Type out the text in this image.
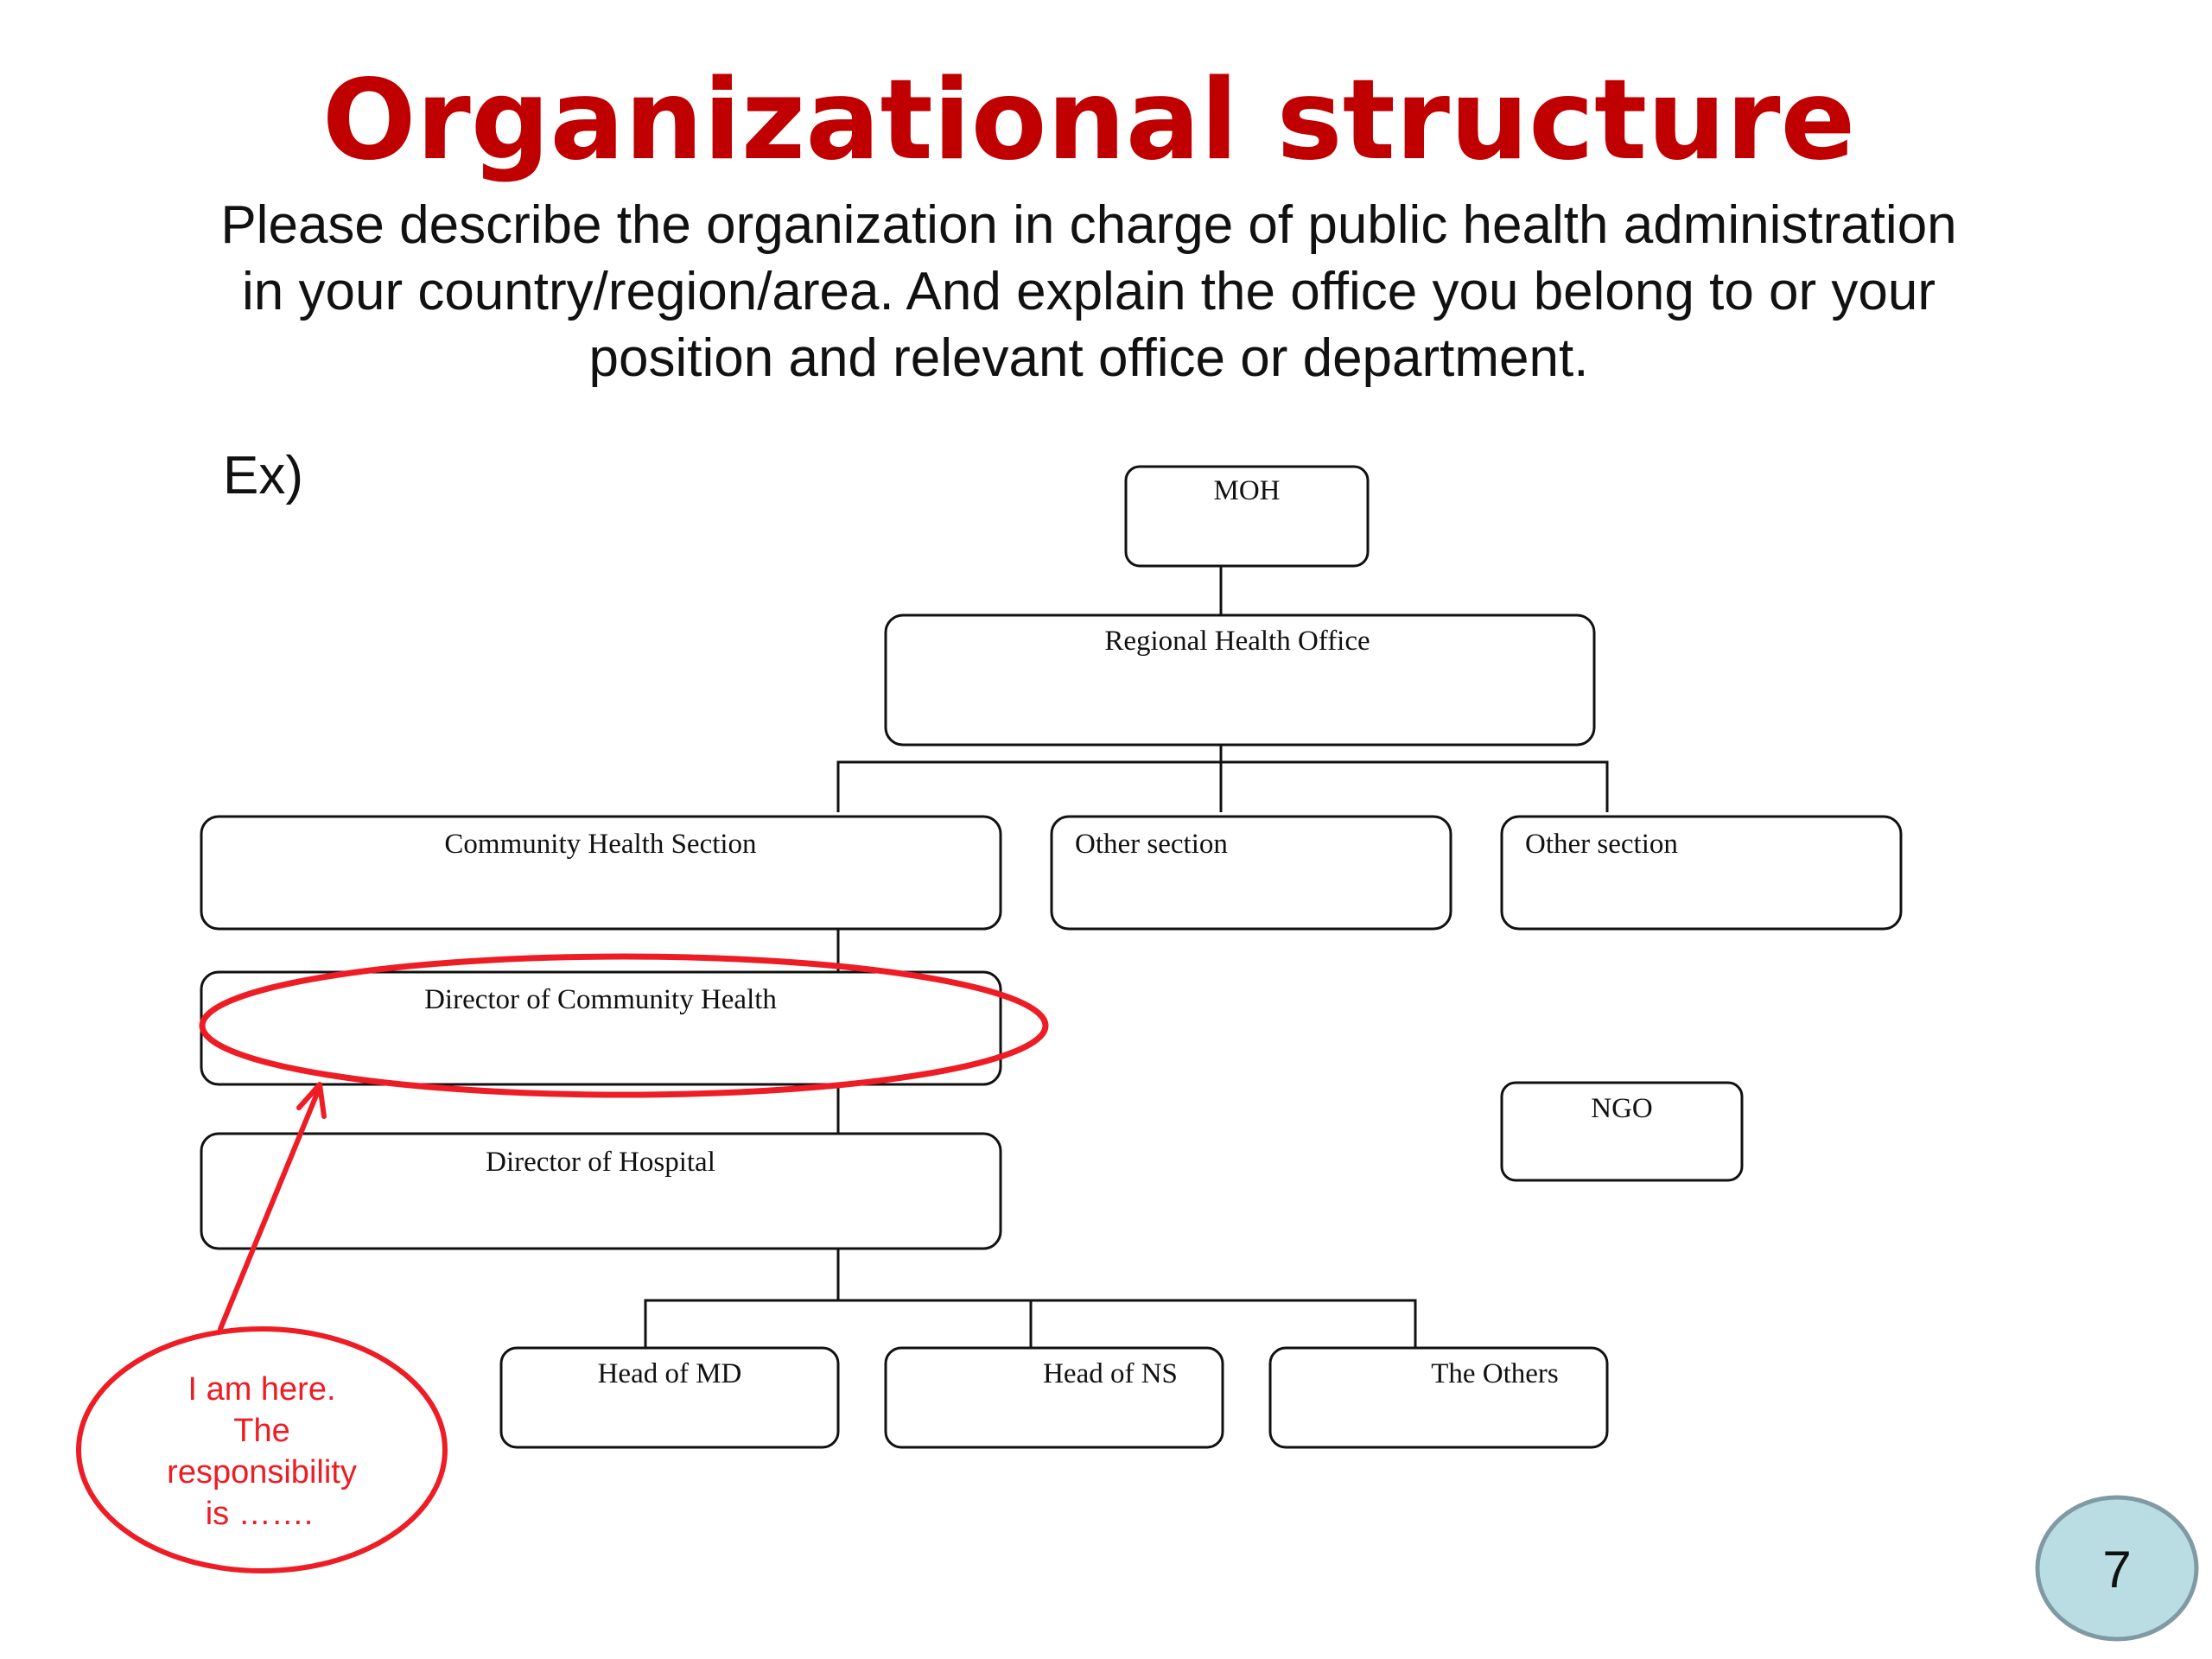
Organizational structure

Please describe the organization in charge of public health administration
in your country/region/area. And explain the office you belong to or your
position and relevant office or department.

Ex)	MOH
Regional Health Office
Community Health Section	Other section	Other section
Director of Community Health
Director of Hospital
NGO
Head of MD	Head of NS	The Others
I am here.
The
responsibility
is …….
7
